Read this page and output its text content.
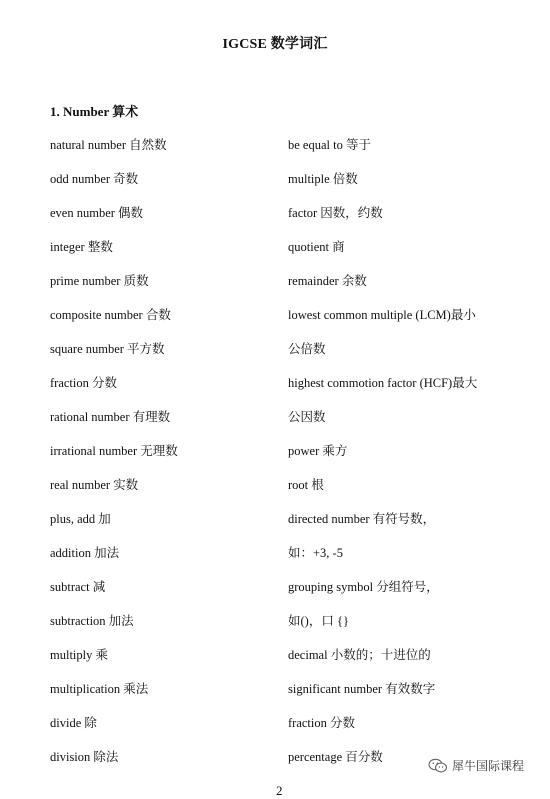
IGCSE 数学词汇
1. Number 算术
natural number 自然数
odd number 奇数
even number 偶数
integer 整数
prime number 质数
composite number 合数
square number 平方数
fraction 分数
rational number 有理数
irrational number 无理数
real number 实数
plus, add 加
addition 加法
subtract 减
subtraction 加法
multiply 乘
multiplication 乘法
divide 除
division 除法
be equal to 等于
multiple 倍数
factor 因数，约数
quotient 商
remainder 余数
lowest common multiple (LCM)最小
公倍数
highest commotion factor (HCF)最大
公因数
power 乘方
root 根
directed number 有符号数，
如：+3, -5
grouping symbol 分组符号，
如()，口 {}
decimal 小数的；十进位的
significant number 有效数字
fraction 分数
percentage 百分数
2
犀牛国际课程
